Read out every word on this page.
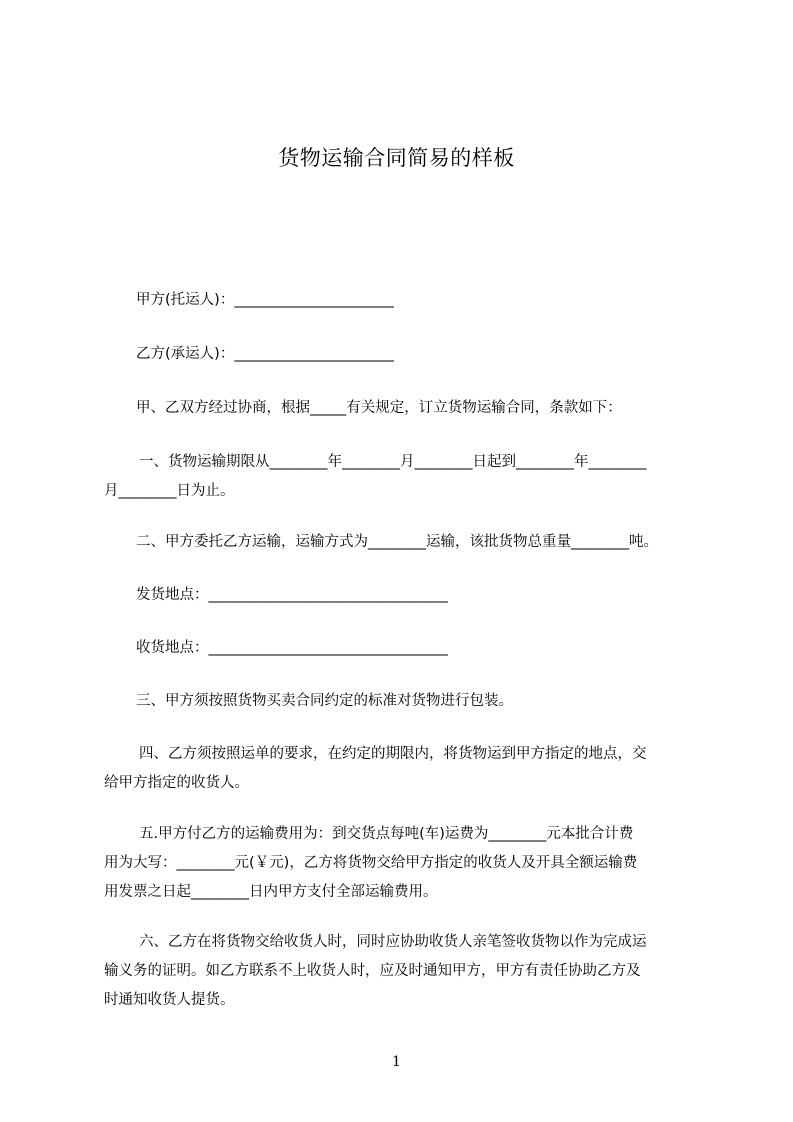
货物运输合同简易的样板
甲方(托运人)：______________________
乙方(承运人)：______________________
甲、乙双方经过协商，根据_____有关规定，订立货物运输合同，条款如下：
一、货物运输期限从________年________月________日起到________年________
月________日为止。
二、甲方委托乙方运输，运输方式为________运输，该批货物总重量________吨。
发货地点：_________________________________
收货地点：_________________________________
三、甲方须按照货物买卖合同约定的标准对货物进行包装。
四、乙方须按照运单的要求，在约定的期限内，将货物运到甲方指定的地点，交
给甲方指定的收货人。
五.甲方付乙方的运输费用为：到交货点每吨(车)运费为________元本批合计费
用为大写：________元(￥元)，乙方将货物交给甲方指定的收货人及开具全额运输费
用发票之日起________日内甲方支付全部运输费用。
六、乙方在将货物交给收货人时，同时应协助收货人亲笔签收货物以作为完成运
输义务的证明。如乙方联系不上收货人时，应及时通知甲方，甲方有责任协助乙方及
时通知收货人提货。
1
